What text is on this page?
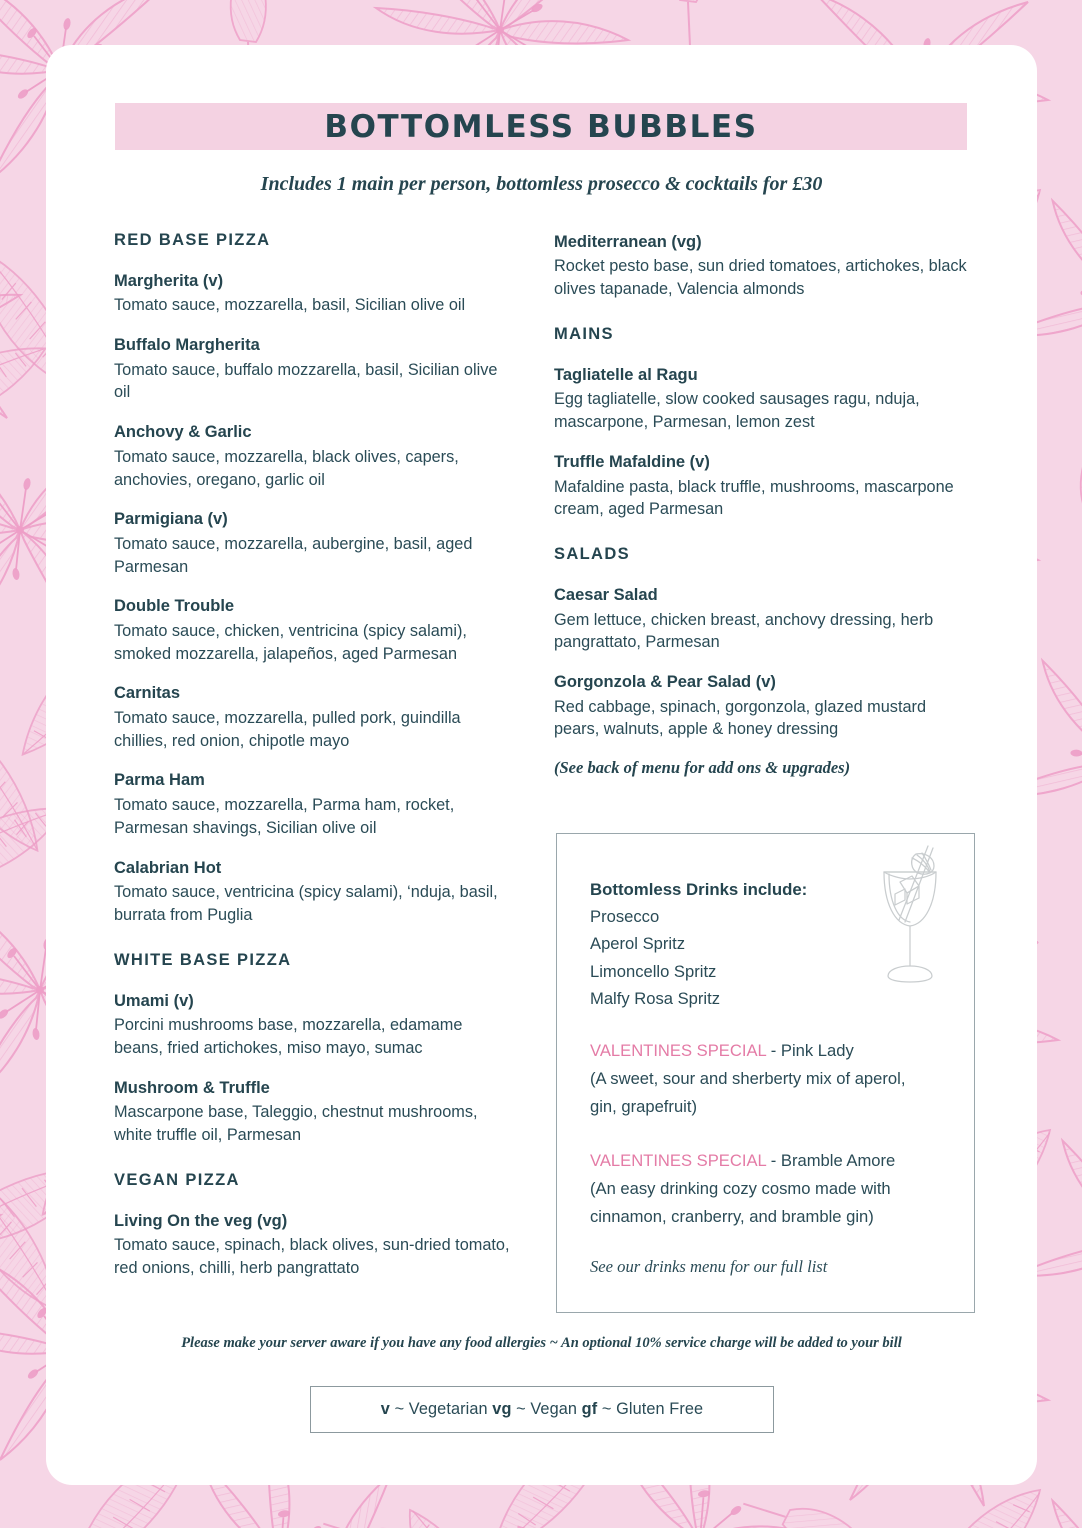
BOTTOMLESS BUBBLES
Includes 1 main per person, bottomless prosecco & cocktails for £30
RED BASE PIZZA
Margherita (v)
Tomato sauce, mozzarella, basil, Sicilian olive oil
Buffalo Margherita
Tomato sauce, buffalo mozzarella, basil, Sicilian olive oil
Anchovy & Garlic
Tomato sauce, mozzarella, black olives, capers, anchovies, oregano, garlic oil
Parmigiana (v)
Tomato sauce, mozzarella, aubergine, basil, aged Parmesan
Double Trouble
Tomato sauce, chicken, ventricina (spicy salami), smoked mozzarella, jalapeños, aged Parmesan
Carnitas
Tomato sauce, mozzarella, pulled pork, guindilla chillies, red onion, chipotle mayo
Parma Ham
Tomato sauce, mozzarella, Parma ham, rocket, Parmesan shavings, Sicilian olive oil
Calabrian Hot
Tomato sauce, ventricina (spicy salami), ‘nduja, basil, burrata from Puglia
WHITE BASE PIZZA
Umami (v)
Porcini mushrooms base, mozzarella, edamame beans, fried artichokes, miso mayo, sumac
Mushroom & Truffle
Mascarpone base, Taleggio, chestnut mushrooms, white truffle oil, Parmesan
VEGAN PIZZA
Living On the veg (vg)
Tomato sauce, spinach, black olives, sun-dried tomato, red onions, chilli, herb pangrattato
Mediterranean (vg)
Rocket pesto base, sun dried tomatoes, artichokes, black olives tapanade, Valencia almonds
MAINS
Tagliatelle al Ragu
Egg tagliatelle, slow cooked sausages ragu, nduja, mascarpone, Parmesan, lemon zest
Truffle Mafaldine (v)
Mafaldine pasta, black truffle, mushrooms, mascarpone cream, aged Parmesan
SALADS
Caesar Salad
Gem lettuce, chicken breast, anchovy dressing, herb pangrattato, Parmesan
Gorgonzola & Pear Salad (v)
Red cabbage, spinach, gorgonzola, glazed mustard pears, walnuts, apple & honey dressing
(See back of menu for add ons & upgrades)
Bottomless Drinks include:
Prosecco
Aperol Spritz
Limoncello Spritz
Malfy Rosa Spritz
VALENTINES SPECIAL - Pink Lady
(A sweet, sour and sherberty mix of aperol,
gin, grapefruit)
VALENTINES SPECIAL - Bramble Amore
(An easy drinking cozy cosmo made with
cinnamon, cranberry, and bramble gin)
See our drinks menu for our full list
Please make your server aware if you have any food allergies ~ An optional 10% service charge will be added to your bill
v ~ Vegetarian vg ~ Vegan gf ~ Gluten Free
